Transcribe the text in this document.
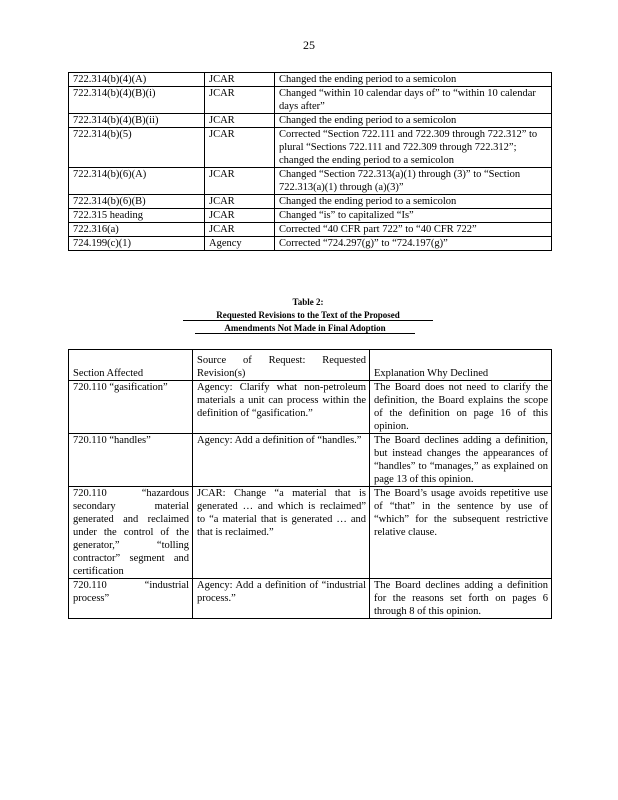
25
722.314(b)(4)(A)	JCAR	Changed the ending period to a semicolon
722.314(b)(4)(B)(i)	JCAR	Changed “within 10 calendar days of” to “within 10 calendar days after”
722.314(b)(4)(B)(ii)	JCAR	Changed the ending period to a semicolon
722.314(b)(5)	JCAR	Corrected “Section 722.111 and 722.309 through 722.312” to plural “Sections 722.111 and 722.309 through 722.312”; changed the ending period to a semicolon
722.314(b)(6)(A)	JCAR	Changed “Section 722.313(a)(1) through (3)” to “Section 722.313(a)(1) through (a)(3)”
722.314(b)(6)(B)	JCAR	Changed the ending period to a semicolon
722.315 heading	JCAR	Changed “is” to capitalized “Is”
722.316(a)	JCAR	Corrected “40 CFR part 722” to “40 CFR 722”
724.199(c)(1)	Agency	Corrected “724.297(g)” to “724.197(g)”
Table 2:
Requested Revisions to the Text of the Proposed
Amendments Not Made in Final Adoption
Section Affected	Source of Request: Requested Revision(s)	Explanation Why Declined
720.110 “gasification”	Agency: Clarify what non-petroleum materials a unit can process within the definition of “gasification.”	The Board does not need to clarify the definition, the Board explains the scope of the definition on page 16 of this opinion.
720.110 “handles”	Agency: Add a definition of “handles.”	The Board declines adding a definition, but instead changes the appearances of “handles” to “manages,” as explained on page 13 of this opinion.
720.110 “hazardous secondary material generated and reclaimed under the control of the generator,” “tolling contractor” segment and certification	JCAR: Change “a material that is generated … and which is reclaimed” to “a material that is generated … and that is reclaimed.”	The Board’s usage avoids repetitive use of “that” in the sentence by use of “which” for the subsequent restrictive relative clause.
720.110 “industrial process”	Agency: Add a definition of “industrial process.”	The Board declines adding a definition for the reasons set forth on pages 6 through 8 of this opinion.
